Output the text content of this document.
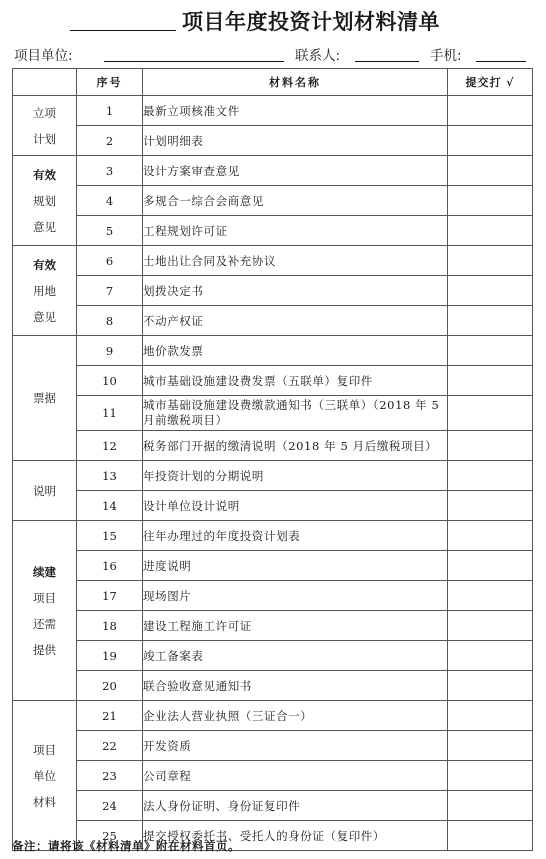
项目年度投资计划材料清单
项目单位:	联系人:	手机:
	序号	材料名称	提交打 √

立项
计划	1	最新立项核准文件	
	2	计划明细表	

有效
规划
意见	3	设计方案审查意见	
	4	多规合一综合会商意见	
	5	工程规划许可证	

有效
用地
意见	6	土地出让合同及补充协议	
	7	划拨决定书	
	8	不动产权证	

票据	9	地价款发票	
	10	城市基础设施建设费发票（五联单）复印件	
	11	城市基础设施建设费缴款通知书（三联单）（2018 年 5 月前缴税项目）	
	12	税务部门开据的缴清说明（2018 年 5 月后缴税项目）	

说明	13	年投资计划的分期说明	
	14	设计单位设计说明	

续建
项目
还需
提供	15	往年办理过的年度投资计划表	
	16	进度说明	
	17	现场图片	
	18	建设工程施工许可证	
	19	竣工备案表	
	20	联合验收意见通知书	

项目
单位
材料	21	企业法人营业执照（三证合一）	
	22	开发资质	
	23	公司章程	
	24	法人身份证明、身份证复印件	
	25	提交授权委托书、受托人的身份证（复印件）	
备注：请将该《材料清单》附在材料首页。
